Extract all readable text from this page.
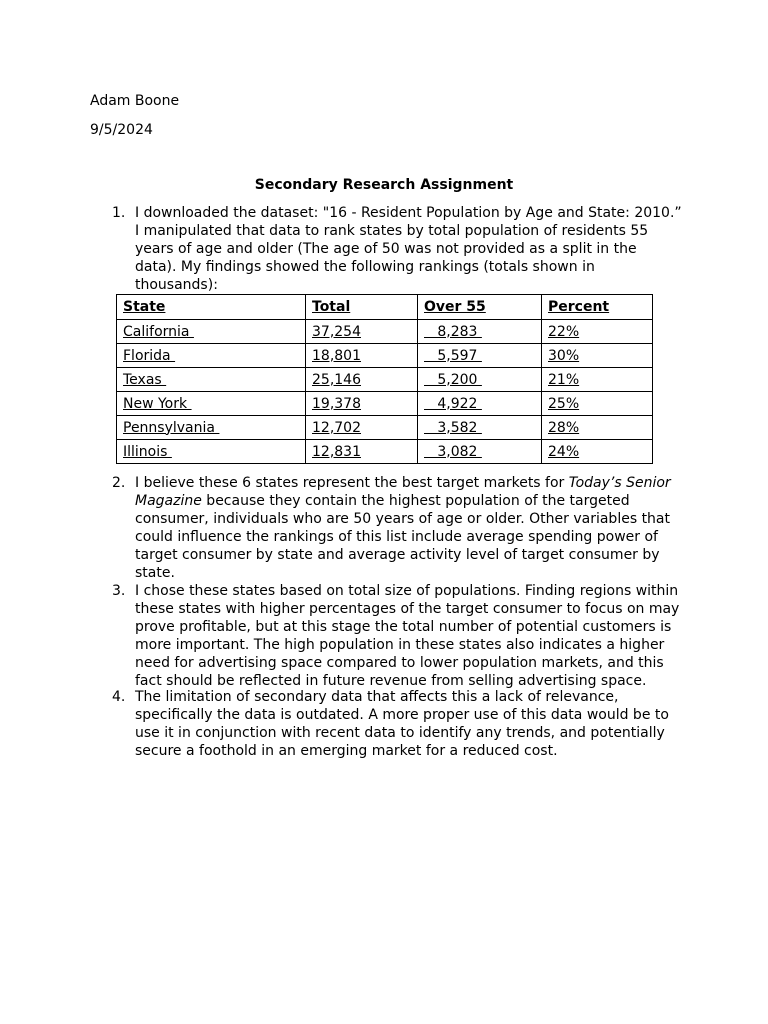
Adam Boone
9/5/2024
Secondary Research Assignment
1. I downloaded the dataset: "16 - Resident Population by Age and State: 2010.” I manipulated that data to rank states by total population of residents 55 years of age and older (The age of 50 was not provided as a split in the data). My findings showed the following rankings (totals shown in thousands):
State	Total	Over 55	Percent
California	37,254	8,283	22%
Florida	18,801	5,597	30%
Texas	25,146	5,200	21%
New York	19,378	4,922	25%
Pennsylvania	12,702	3,582	28%
Illinois	12,831	3,082	24%
2. I believe these 6 states represent the best target markets for Today’s Senior Magazine because they contain the highest population of the targeted consumer, individuals who are 50 years of age or older. Other variables that could influence the rankings of this list include average spending power of target consumer by state and average activity level of target consumer by state.
3. I chose these states based on total size of populations. Finding regions within these states with higher percentages of the target consumer to focus on may prove profitable, but at this stage the total number of potential customers is more important. The high population in these states also indicates a higher need for advertising space compared to lower population markets, and this fact should be reflected in future revenue from selling advertising space.
4. The limitation of secondary data that affects this a lack of relevance, specifically the data is outdated. A more proper use of this data would be to use it in conjunction with recent data to identify any trends, and potentially secure a foothold in an emerging market for a reduced cost.
